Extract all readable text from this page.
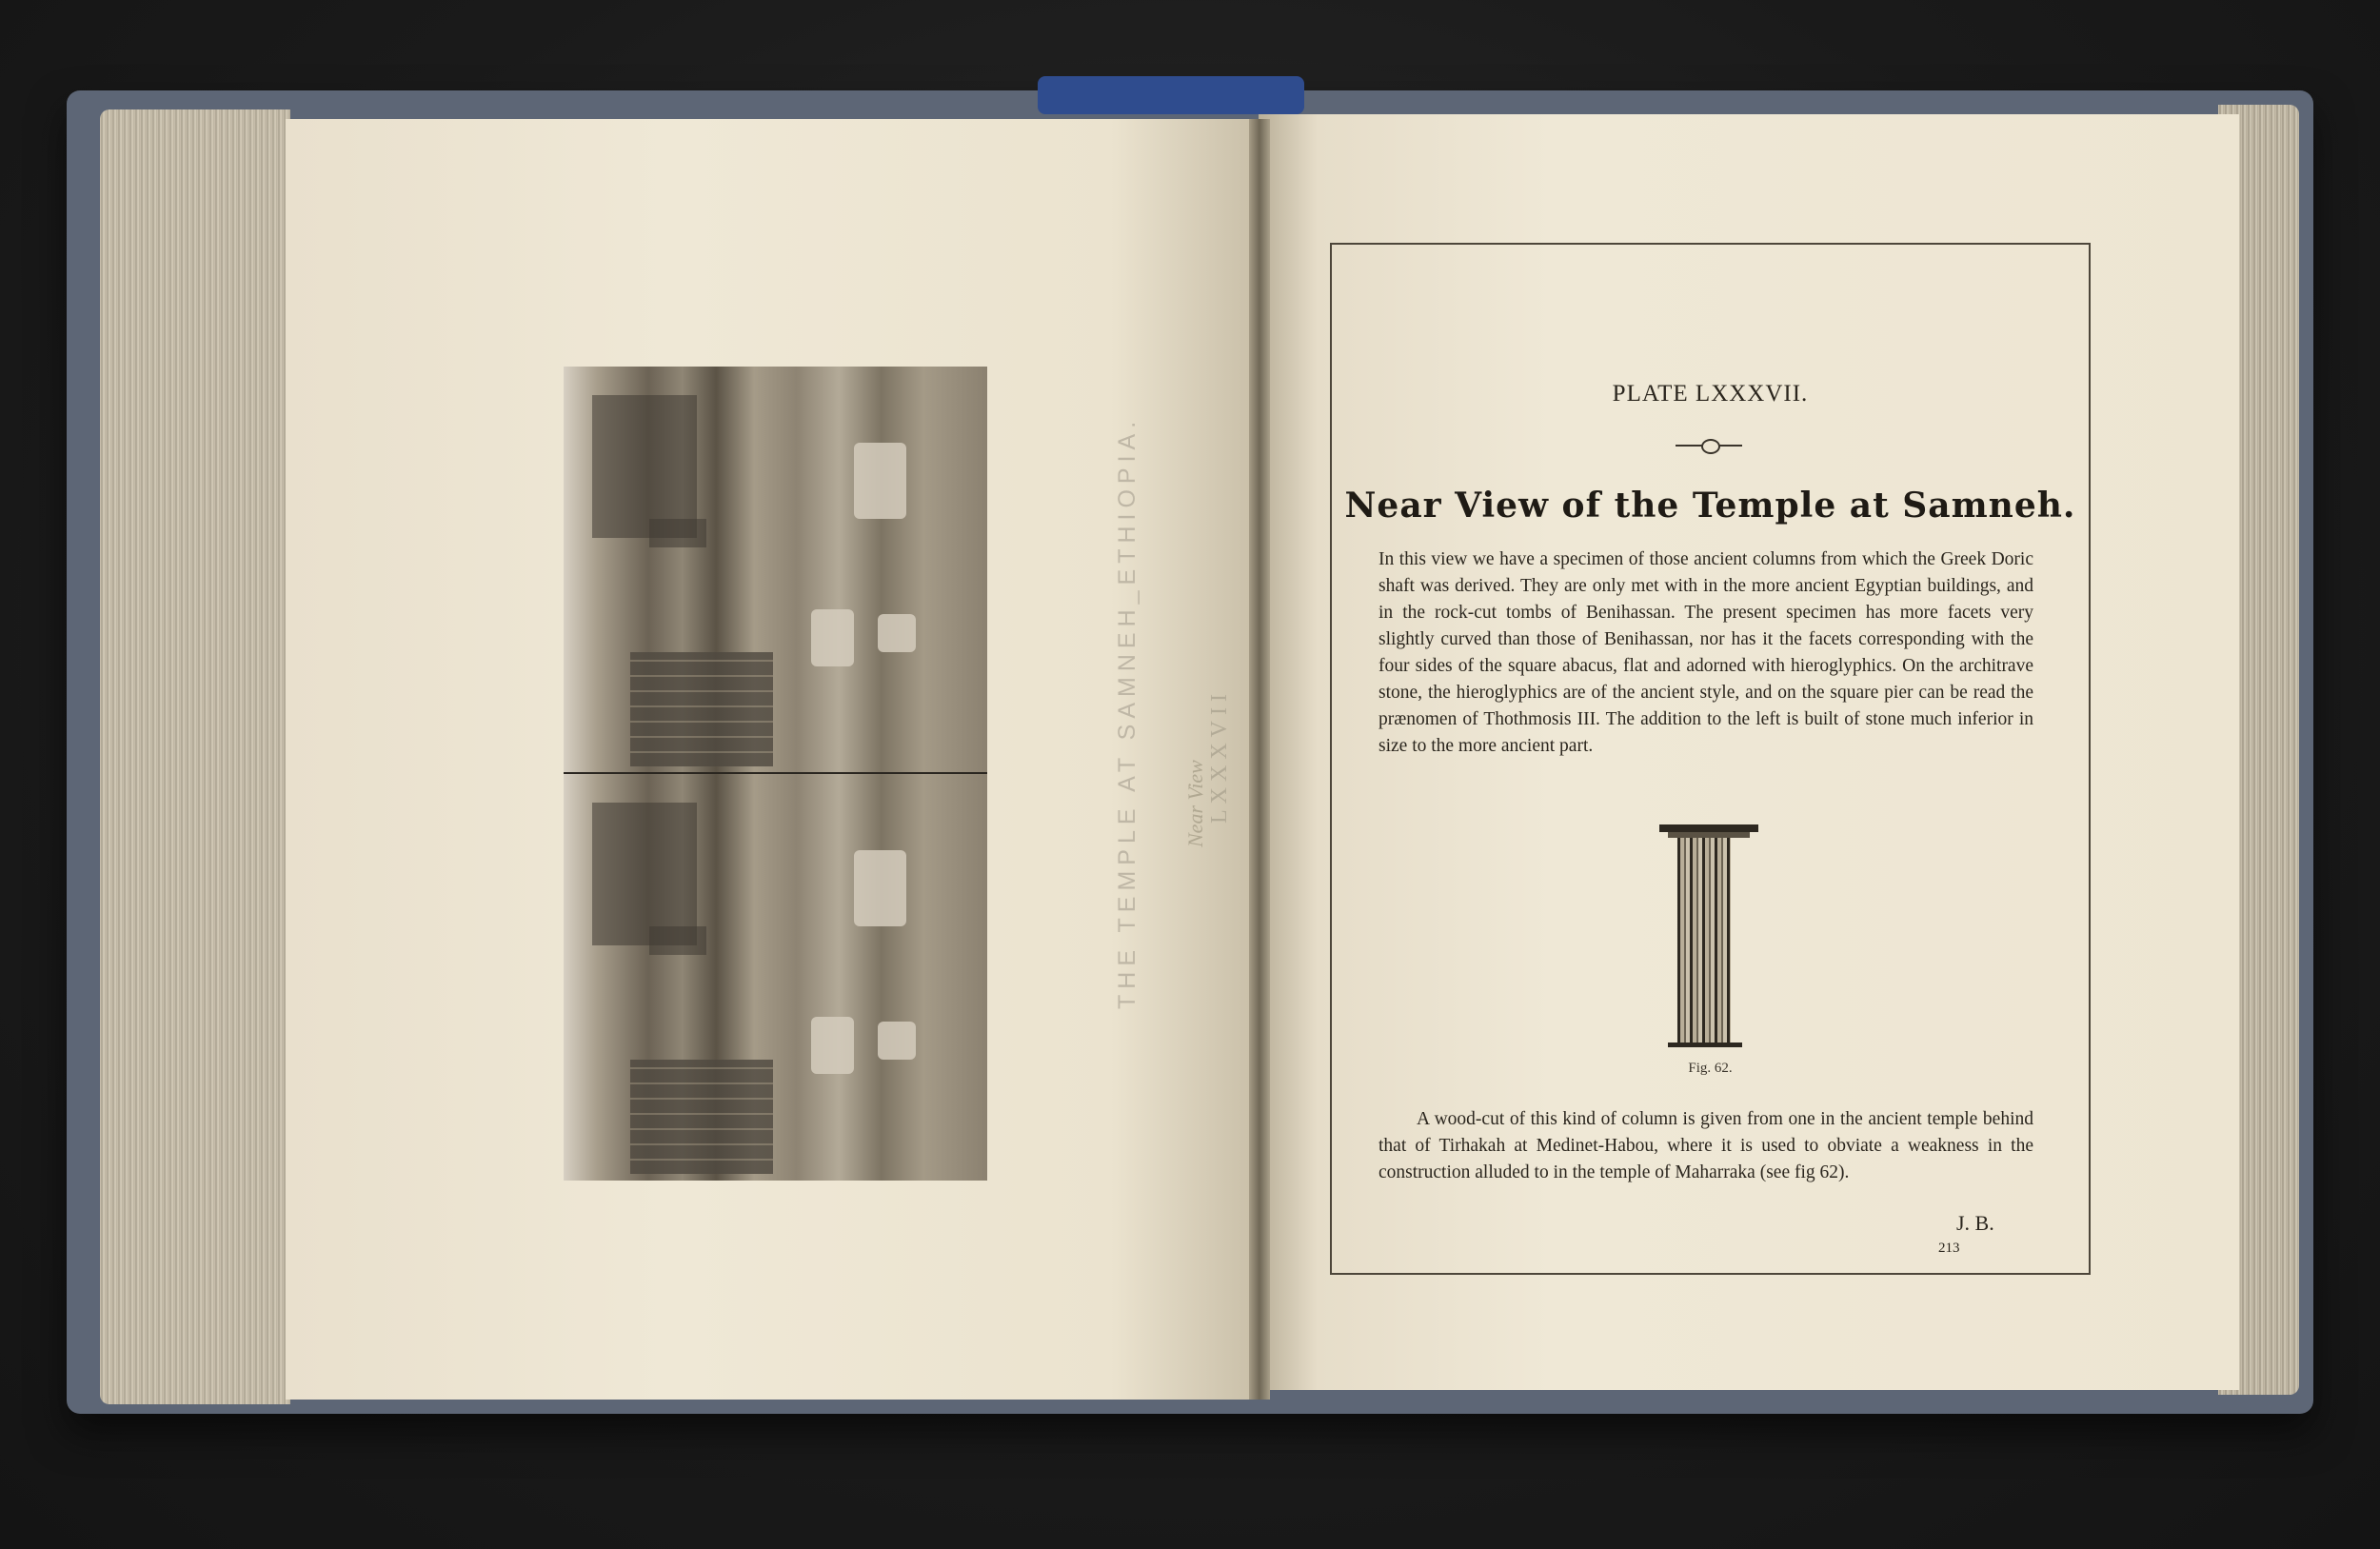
THE TEMPLE AT SAMNEH_ETHIOPIA. Near View LXXXVII
PLATE LXXXVII.
Near View of the Temple at Samneh.
In this view we have a specimen of those ancient columns from which the Greek Doric shaft was derived. They are only met with in the more ancient Egyptian buildings, and in the rock-cut tombs of Benihassan. The present specimen has more facets very slightly curved than those of Benihassan, nor has it the facets corresponding with the four sides of the square abacus, flat and adorned with hieroglyphics. On the architrave stone, the hieroglyphics are of the ancient style, and on the square pier can be read the prænomen of Thothmosis III. The addition to the left is built of stone much inferior in size to the more ancient part.
Fig. 62.
A wood-cut of this kind of column is given from one in the ancient temple behind that of Tirhakah at Medinet-Habou, where it is used to obviate a weakness in the construction alluded to in the temple of Maharraka (see fig 62).
J. B.
213
